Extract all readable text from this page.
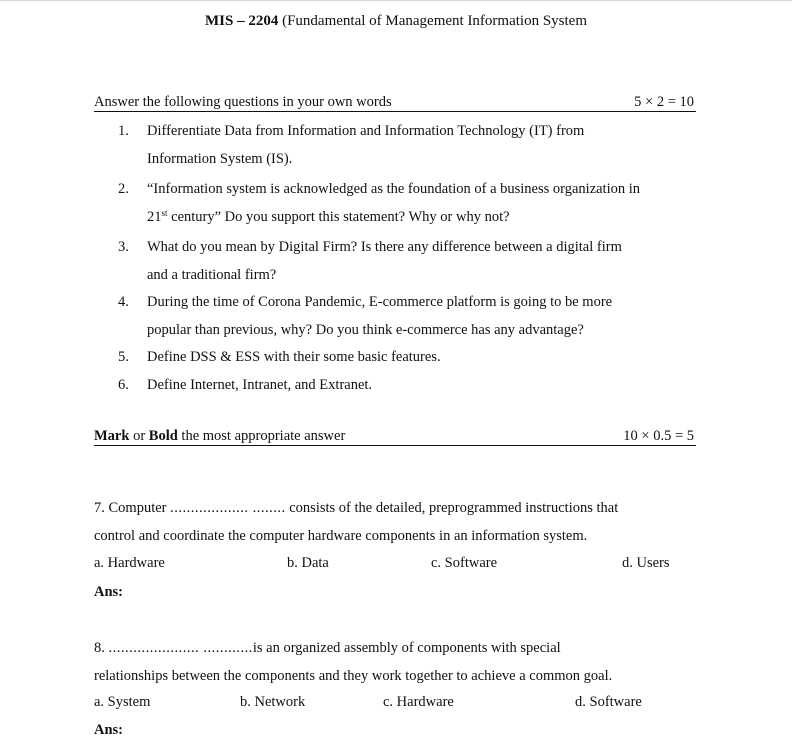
MIS – 2204 (Fundamental of Management Information System
Answer the following questions in your own words	5 × 2 = 10
1. Differentiate Data from Information and Information Technology (IT) from
Information System (IS).
2. “Information system is acknowledged as the foundation of a business organization in
21st century” Do you support this statement? Why or why not?
3. What do you mean by Digital Firm? Is there any difference between a digital firm
and a traditional firm?
4. During the time of Corona Pandemic, E-commerce platform is going to be more
popular than previous, why? Do you think e-commerce has any advantage?
5. Define DSS & ESS with their some basic features.
6. Define Internet, Intranet, and Extranet.
Mark or Bold the most appropriate answer	10 × 0.5 = 5
7. Computer ................... ........ consists of the detailed, preprogrammed instructions that
control and coordinate the computer hardware components in an information system.
a. Hardware	b. Data	c. Software	d. Users
Ans:
8. ...................... ............is an organized assembly of components with special
relationships between the components and they work together to achieve a common goal.
a. System	b. Network	c. Hardware	d. Software
Ans:
